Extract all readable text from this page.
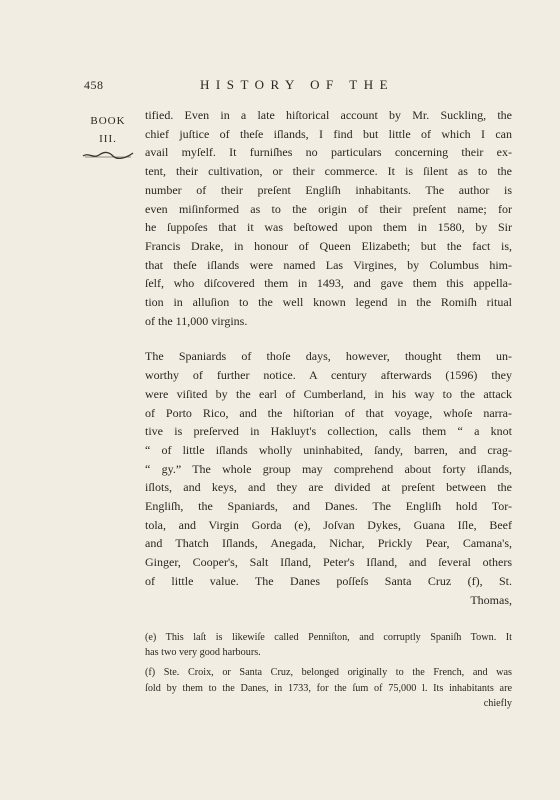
458	HISTORY OF THE
BOOK
III.
tified. Even in a late hiſtorical account by Mr. Suckling, the
chief juſtice of theſe iſlands, I find but little of which I can
avail myſelf. It furniſhes no particulars concerning their ex-
tent, their cultivation, or their commerce. It is ſilent as to the
number of their preſent Engliſh inhabitants. The author is
even miſinformed as to the origin of their preſent name; for
he ſuppoſes that it was beſtowed upon them in 1580, by Sir
Francis Drake, in honour of Queen Elizabeth; but the fact is,
that theſe iſlands were named Las Virgines, by Columbus him-
ſelf, who diſcovered them in 1493, and gave them this appella-
tion in alluſion to the well known legend in the Romiſh ritual
of the 11,000 virgins.
The Spaniards of thoſe days, however, thought them un-
worthy of further notice. A century afterwards (1596) they
were viſited by the earl of Cumberland, in his way to the attack
of Porto Rico, and the hiſtorian of that voyage, whoſe narra-
tive is preſerved in Hakluyt's collection, calls them “ a knot
“ of little iſlands wholly uninhabited, ſandy, barren, and crag-
“ gy.” The whole group may comprehend about forty iſlands,
iſlots, and keys, and they are divided at preſent between the
Engliſh, the Spaniards, and Danes. The Engliſh hold Tor-
tola, and Virgin Gorda (e), Joſvan Dykes, Guana Iſle, Beef
and Thatch Iſlands, Anegada, Nichar, Prickly Pear, Camana's,
Ginger, Cooper's, Salt Iſland, Peter's Iſland, and ſeveral others
of little value. The Danes poſſeſs Santa Cruz (f), St.
Thomas,
(e) This laſt is likewiſe called Penniſton, and corruptly Spaniſh Town. It
has two very good harbours.
(f) Ste. Croix, or Santa Cruz, belonged originally to the French, and was
ſold by them to the Danes, in 1733, for the ſum of 75,000 l. Its inhabitants are
chiefly
